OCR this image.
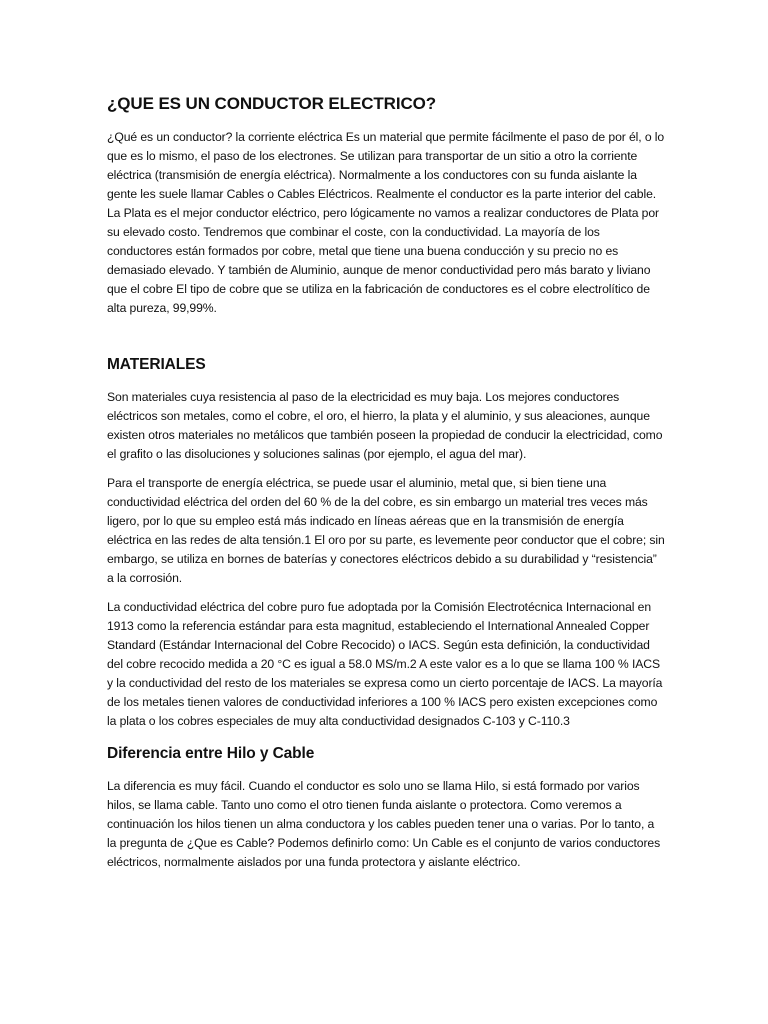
¿QUE ES UN CONDUCTOR ELECTRICO?

¿Qué es un conductor? la corriente eléctrica Es un material que permite fácilmente el paso de por él, o lo que es lo mismo, el paso de los electrones. Se utilizan para transportar de un sitio a otro la corriente eléctrica (transmisión de energía eléctrica). Normalmente a los conductores con su funda aislante la gente les suele llamar Cables o Cables Eléctricos. Realmente el conductor es la parte interior del cable. La Plata es el mejor conductor eléctrico, pero lógicamente no vamos a realizar conductores de Plata por su elevado costo. Tendremos que combinar el coste, con la conductividad. La mayoría de los conductores están formados por cobre, metal que tiene una buena conducción y su precio no es demasiado elevado. Y también de Aluminio, aunque de menor conductividad pero más barato y liviano que el cobre El tipo de cobre que se utiliza en la fabricación de conductores es el cobre electrolítico de alta pureza, 99,99%.

MATERIALES

Son materiales cuya resistencia al paso de la electricidad es muy baja. Los mejores conductores eléctricos son metales, como el cobre, el oro, el hierro, la plata y el aluminio, y sus aleaciones, aunque existen otros materiales no metálicos que también poseen la propiedad de conducir la electricidad, como el grafito o las disoluciones y soluciones salinas (por ejemplo, el agua del mar).

Para el transporte de energía eléctrica, se puede usar el aluminio, metal que, si bien tiene una conductividad eléctrica del orden del 60 % de la del cobre, es sin embargo un material tres veces más ligero, por lo que su empleo está más indicado en líneas aéreas que en la transmisión de energía eléctrica en las redes de alta tensión.1 El oro por su parte, es levemente peor conductor que el cobre; sin embargo, se utiliza en bornes de baterías y conectores eléctricos debido a su durabilidad y “resistencia” a la corrosión.

La conductividad eléctrica del cobre puro fue adoptada por la Comisión Electrotécnica Internacional en 1913 como la referencia estándar para esta magnitud, estableciendo el International Annealed Copper Standard (Estándar Internacional del Cobre Recocido) o IACS. Según esta definición, la conductividad del cobre recocido medida a 20 °C es igual a 58.0 MS/m.2 A este valor es a lo que se llama 100 % IACS y la conductividad del resto de los materiales se expresa como un cierto porcentaje de IACS. La mayoría de los metales tienen valores de conductividad inferiores a 100 % IACS pero existen excepciones como la plata o los cobres especiales de muy alta conductividad designados C-103 y C-110.3

Diferencia entre Hilo y Cable

La diferencia es muy fácil. Cuando el conductor es solo uno se llama Hilo, si está formado por varios hilos, se llama cable. Tanto uno como el otro tienen funda aislante o protectora. Como veremos a continuación los hilos tienen un alma conductora y los cables pueden tener una o varias. Por lo tanto, a la pregunta de ¿Que es Cable? Podemos definirlo como: Un Cable es el conjunto de varios conductores eléctricos, normalmente aislados por una funda protectora y aislante eléctrico.
